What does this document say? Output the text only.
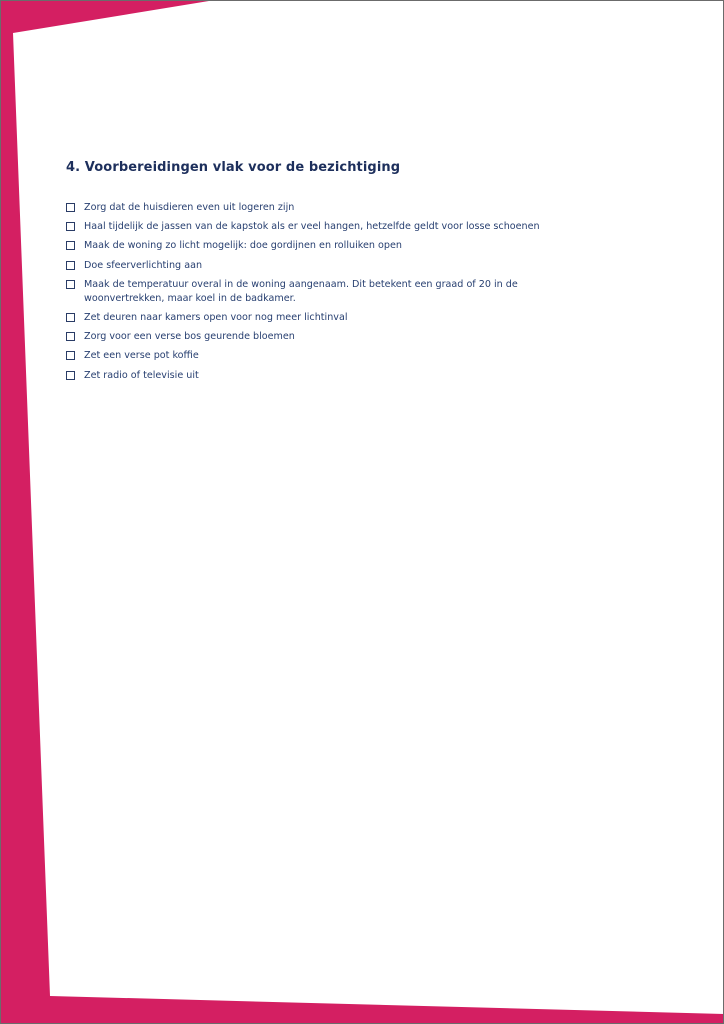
4. Voorbereidingen vlak voor de bezichtiging
Zorg dat de huisdieren even uit logeren zijn
Haal tijdelijk de jassen van de kapstok als er veel hangen, hetzelfde geldt voor losse schoenen
Maak de woning zo licht mogelijk: doe gordijnen en rolluiken open
Doe sfeerverlichting aan
Maak de temperatuur overal in de woning aangenaam. Dit betekent een graad of 20 in de
woonvertrekken, maar koel in de badkamer.
Zet deuren naar kamers open voor nog meer lichtinval
Zorg voor een verse bos geurende bloemen
Zet een verse pot koffie
Zet radio of televisie uit
